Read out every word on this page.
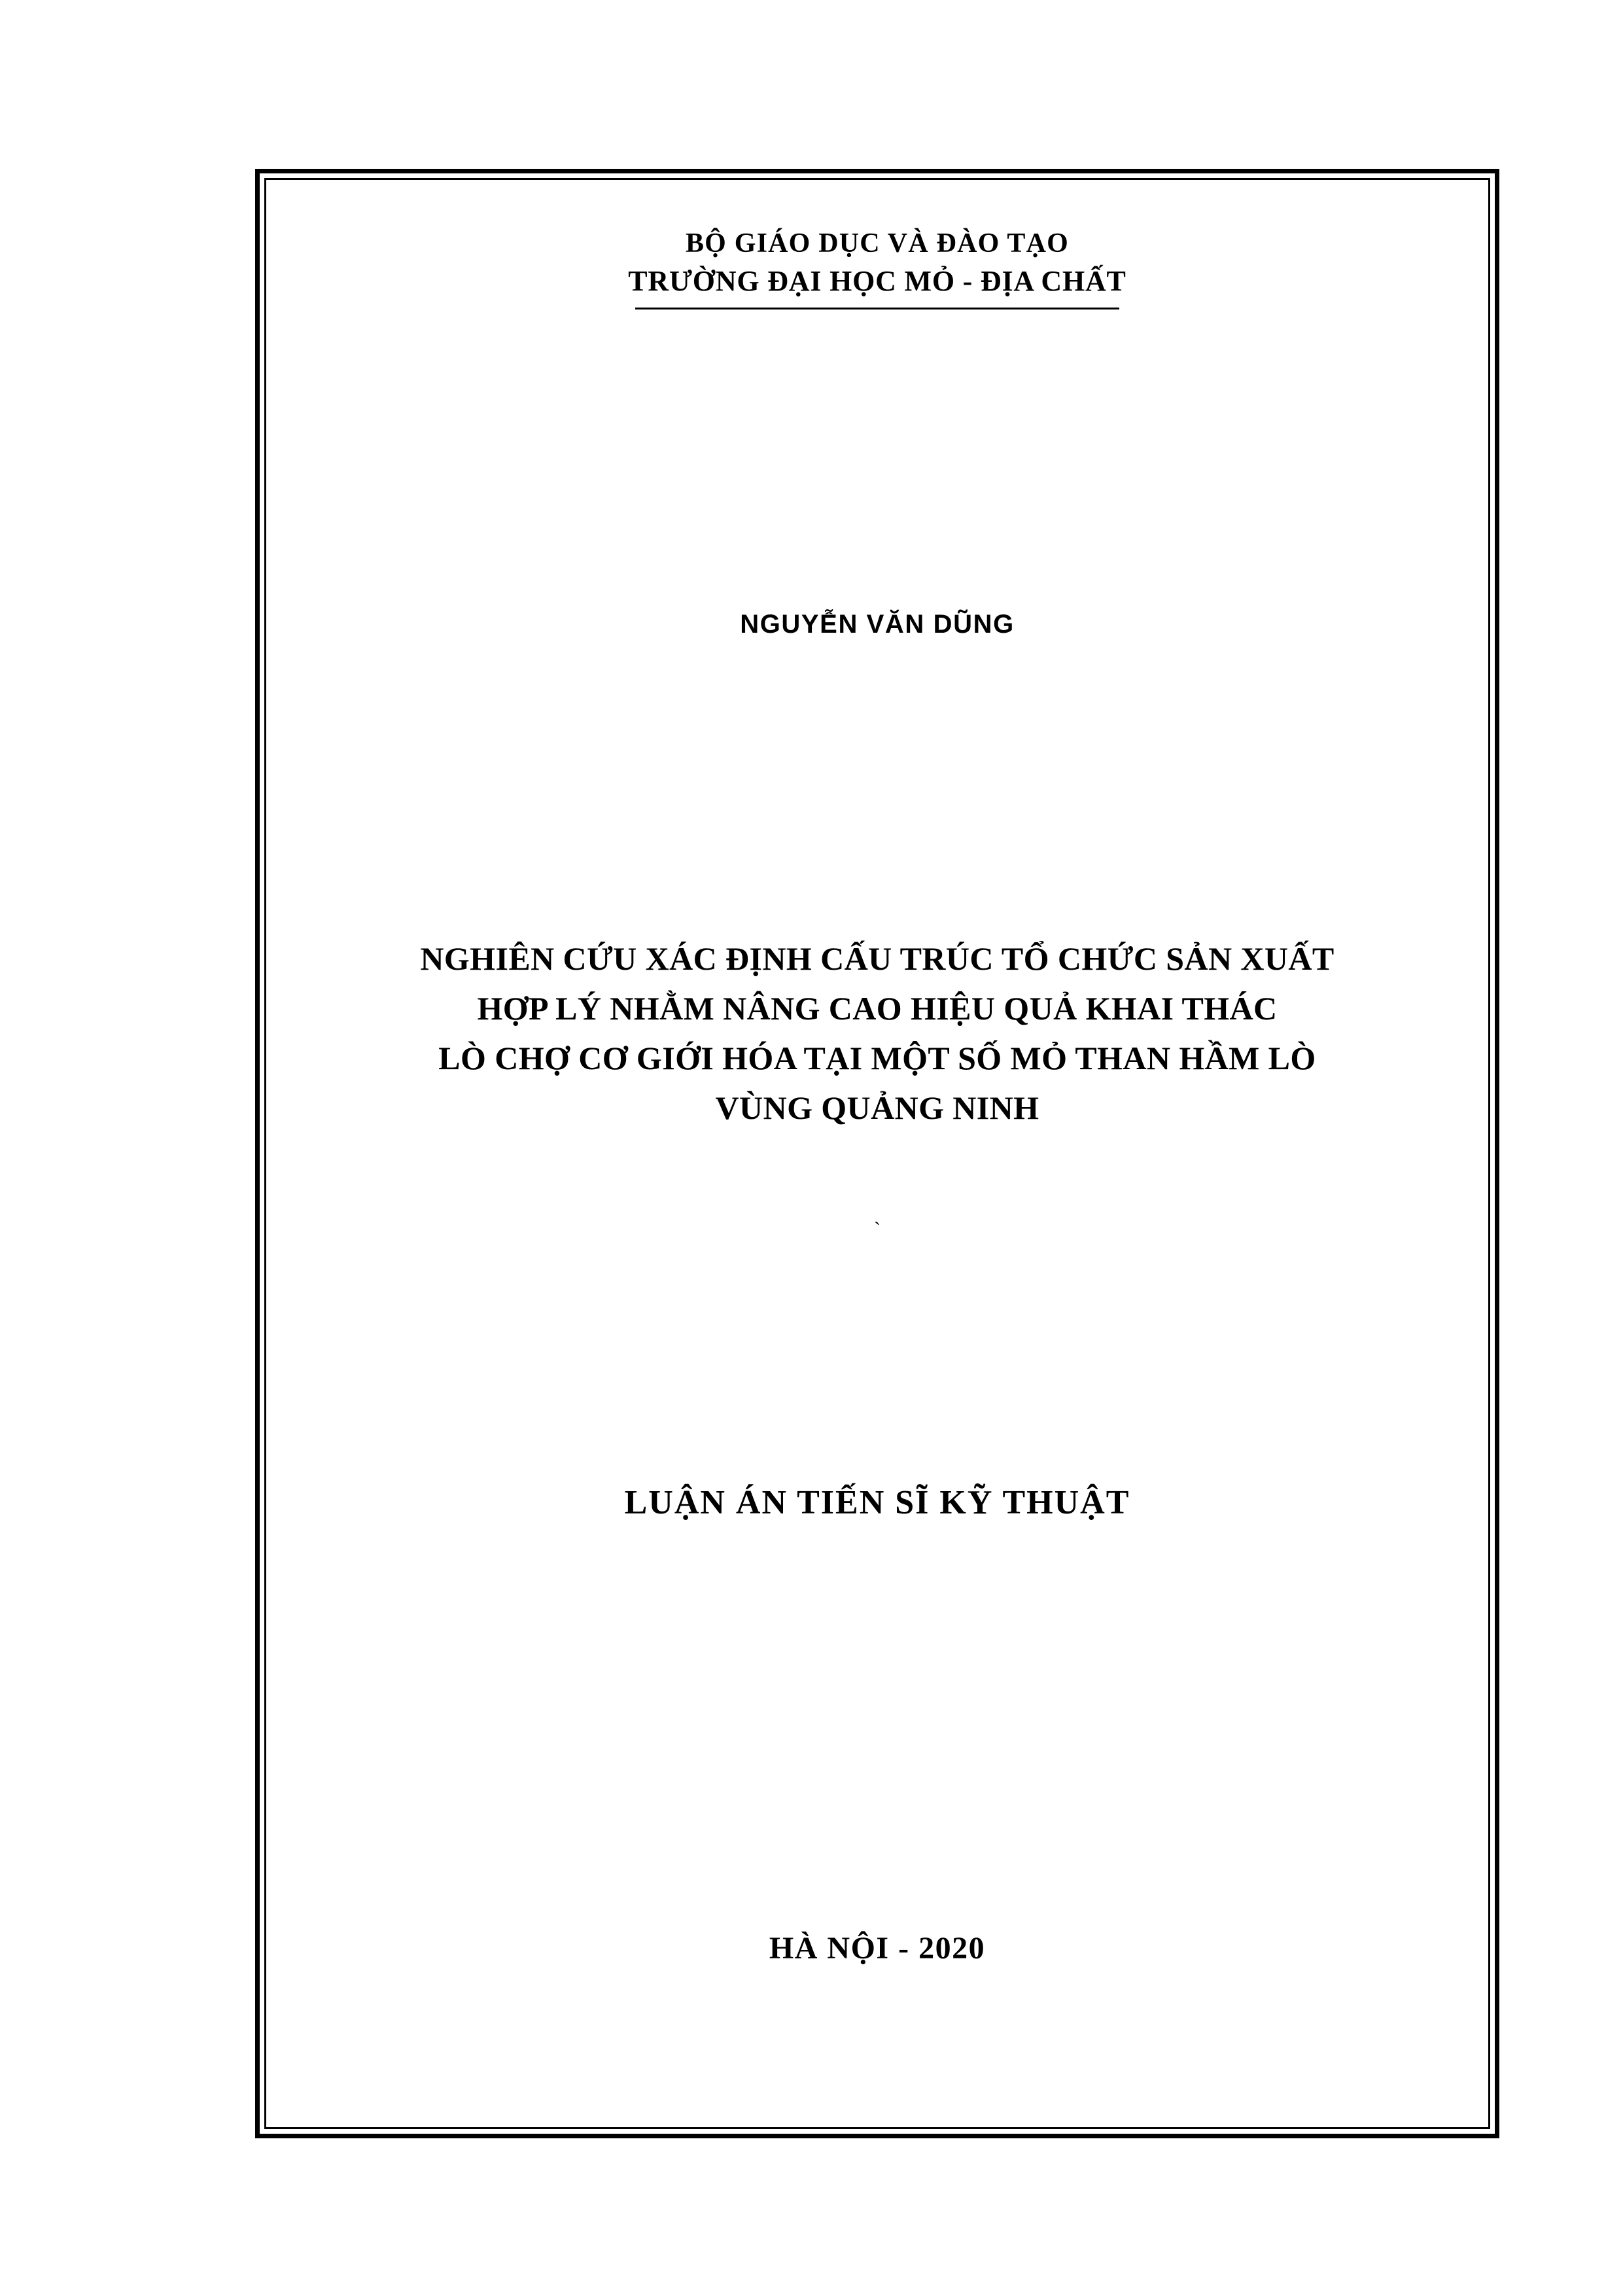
BỘ GIÁO DỤC VÀ ĐÀO TẠO
TRƯỜNG ĐẠI HỌC MỎ - ĐỊA CHẤT
NGUYỄN VĂN DŨNG
NGHIÊN CỨU XÁC ĐỊNH CẤU TRÚC TỔ CHỨC SẢN XUẤT
HỢP LÝ NHẰM NÂNG CAO HIỆU QUẢ KHAI THÁC
LÒ CHỢ CƠ GIỚI HÓA TẠI MỘT SỐ MỎ THAN HẦM LÒ
VÙNG QUẢNG NINH
`
LUẬN ÁN TIẾN SĨ KỸ THUẬT
HÀ NỘI - 2020
